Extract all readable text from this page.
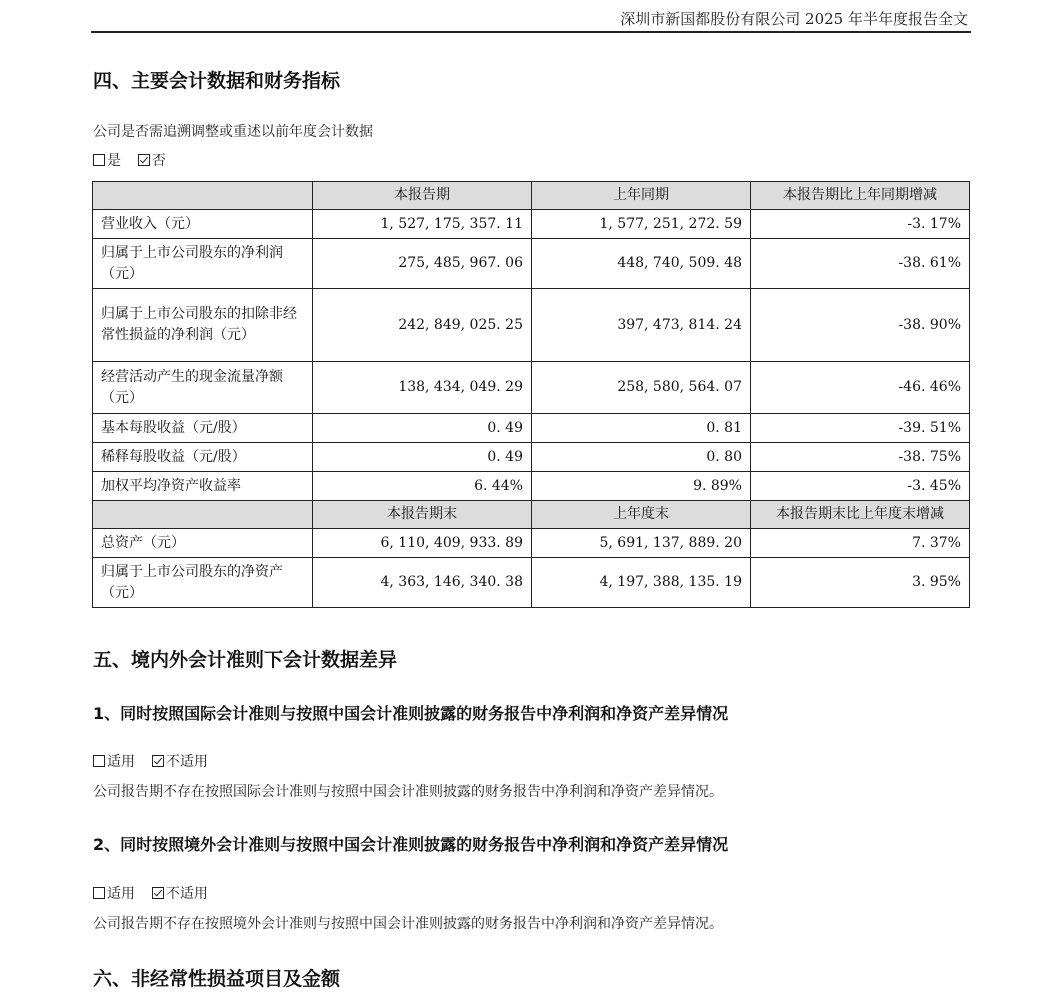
深圳市新国都股份有限公司 2025 年半年度报告全文
四、主要会计数据和财务指标
公司是否需追溯调整或重述以前年度会计数据
是
否
	本报告期	上年同期	本报告期比上年同期增减
营业收入（元）	1, 527, 175, 357. 11	1, 577, 251, 272. 59	-3. 17%
归属于上市公司股东的净利润（元）	275, 485, 967. 06	448, 740, 509. 48	-38. 61%
归属于上市公司股东的扣除非经常性损益的净利润（元）	242, 849, 025. 25	397, 473, 814. 24	-38. 90%
经营活动产生的现金流量净额（元）	138, 434, 049. 29	258, 580, 564. 07	-46. 46%
基本每股收益（元/股）	0. 49	0. 81	-39. 51%
稀释每股收益（元/股）	0. 49	0. 80	-38. 75%
加权平均净资产收益率	6. 44%	9. 89%	-3. 45%
	本报告期末	上年度末	本报告期末比上年度末增减
总资产（元）	6, 110, 409, 933. 89	5, 691, 137, 889. 20	7. 37%
归属于上市公司股东的净资产（元）	4, 363, 146, 340. 38	4, 197, 388, 135. 19	3. 95%
五、境内外会计准则下会计数据差异
1、同时按照国际会计准则与按照中国会计准则披露的财务报告中净利润和净资产差异情况
适用
不适用
公司报告期不存在按照国际会计准则与按照中国会计准则披露的财务报告中净利润和净资产差异情况。
2、同时按照境外会计准则与按照中国会计准则披露的财务报告中净利润和净资产差异情况
适用
不适用
公司报告期不存在按照境外会计准则与按照中国会计准则披露的财务报告中净利润和净资产差异情况。
六、非经常性损益项目及金额
